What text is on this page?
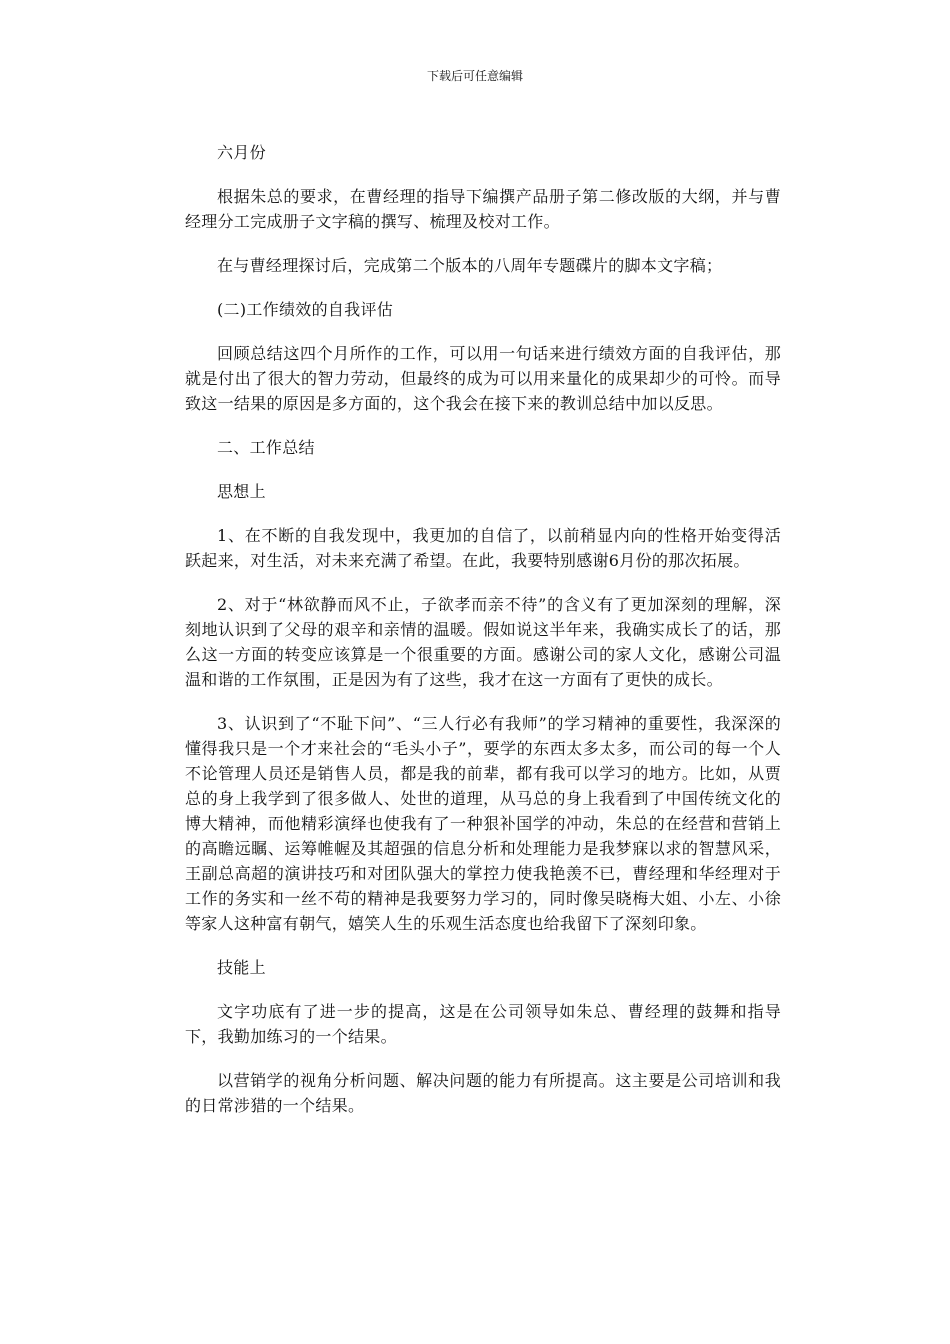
下载后可任意编辑

六月份

根据朱总的要求，在曹经理的指导下编撰产品册子第二修改版的大纲，并与曹经理分工完成册子文字稿的撰写、梳理及校对工作。

在与曹经理探讨后，完成第二个版本的八周年专题碟片的脚本文字稿；

(二)工作绩效的自我评估

回顾总结这四个月所作的工作，可以用一句话来进行绩效方面的自我评估，那就是付出了很大的智力劳动，但最终的成为可以用来量化的成果却少的可怜。而导致这一结果的原因是多方面的，这个我会在接下来的教训总结中加以反思。

二、工作总结

思想上

1、在不断的自我发现中，我更加的自信了，以前稍显内向的性格开始变得活跃起来，对生活，对未来充满了希望。在此，我要特别感谢6月份的那次拓展。

2、对于“林欲静而风不止，子欲孝而亲不待”的含义有了更加深刻的理解，深刻地认识到了父母的艰辛和亲情的温暖。假如说这半年来，我确实成长了的话，那么这一方面的转变应该算是一个很重要的方面。感谢公司的家人文化，感谢公司温温和谐的工作氛围，正是因为有了这些，我才在这一方面有了更快的成长。

3、认识到了“不耻下问”、“三人行必有我师”的学习精神的重要性，我深深的懂得我只是一个才来社会的“毛头小子”，要学的东西太多太多，而公司的每一个人不论管理人员还是销售人员，都是我的前辈，都有我可以学习的地方。比如，从贾总的身上我学到了很多做人、处世的道理，从马总的身上我看到了中国传统文化的博大精神，而他精彩演绎也使我有了一种狠补国学的冲动，朱总的在经营和营销上的高瞻远瞩、运筹帷幄及其超强的信息分析和处理能力是我梦寐以求的智慧风采，王副总高超的演讲技巧和对团队强大的掌控力使我艳羡不已，曹经理和华经理对于工作的务实和一丝不苟的精神是我要努力学习的，同时像吴晓梅大姐、小左、小徐等家人这种富有朝气，嬉笑人生的乐观生活态度也给我留下了深刻印象。

技能上

文字功底有了进一步的提高，这是在公司领导如朱总、曹经理的鼓舞和指导下，我勤加练习的一个结果。

以营销学的视角分析问题、解决问题的能力有所提高。这主要是公司培训和我的日常涉猎的一个结果。
